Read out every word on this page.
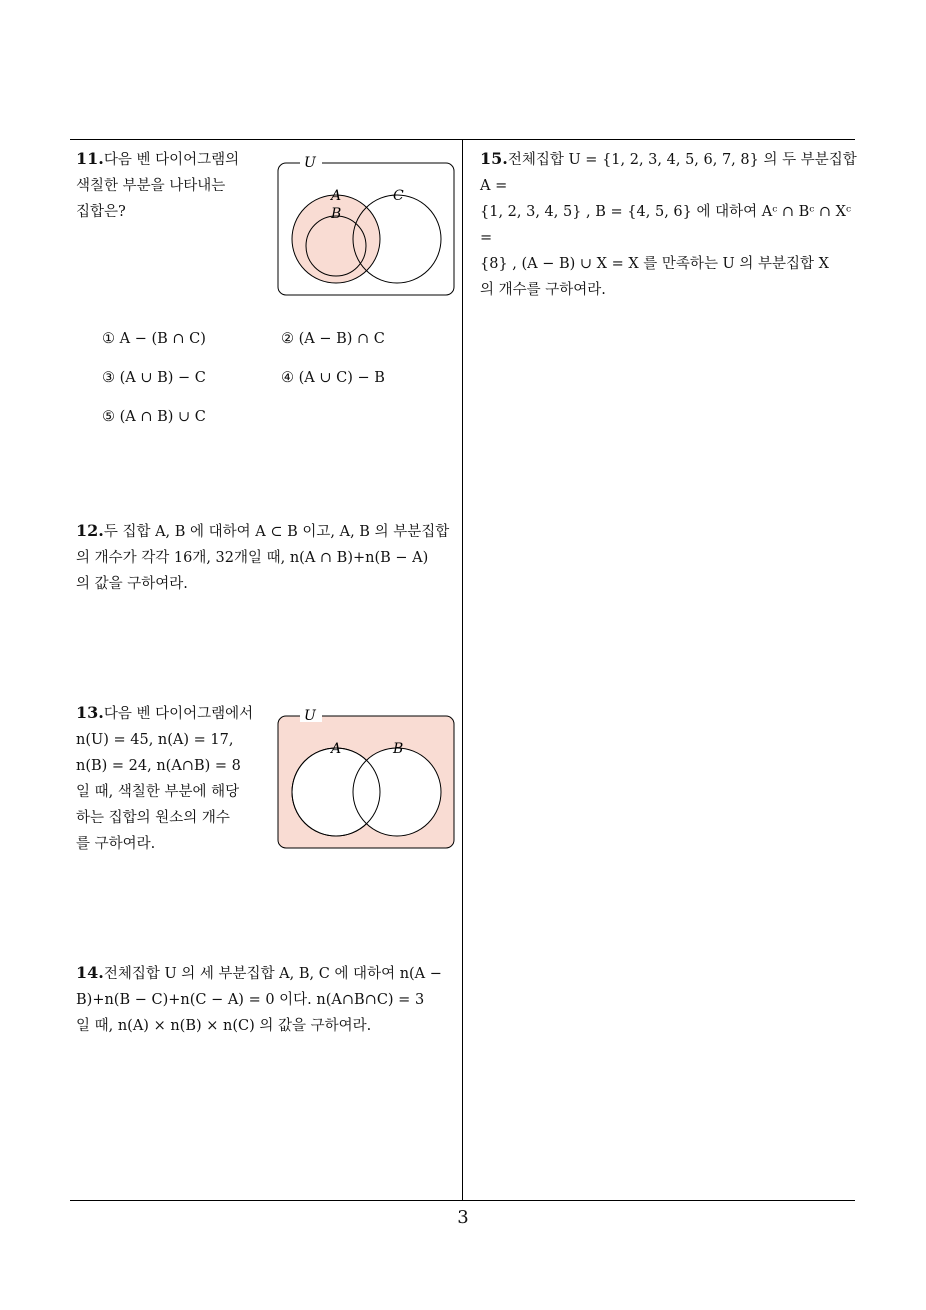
11.다음 벤 다이어그램의
색칠한 부분을 나타내는
집합은?
U
A
B
C
① A − (B ∩ C)	② (A − B) ∩ C
③ (A ∪ B) − C	④ (A ∪ C) − B
⑤ (A ∩ B) ∪ C
12.두 집합 A, B 에 대하여 A ⊂ B 이고, A, B 의 부분집합
의 개수가 각각 16개, 32개일 때, n(A ∩ B)+n(B − A)
의 값을 구하여라.
13.다음 벤 다이어그램에서
n(U) = 45, n(A) = 17,
n(B) = 24, n(A∩B) = 8
일 때, 색칠한 부분에 해당
하는 집합의 원소의 개수
를 구하여라.
U
A	B
14.전체집합 U 의 세 부분집합 A, B, C 에 대하여 n(A −
B)+n(B − C)+n(C − A) = 0 이다. n(A∩B∩C) = 3
일 때, n(A) × n(B) × n(C) 의 값을 구하여라.
15.전체집합 U = {1, 2, 3, 4, 5, 6, 7, 8} 의 두 부분집합 A =
{1, 2, 3, 4, 5} , B = {4, 5, 6} 에 대하여 Aᶜ ∩ Bᶜ ∩ Xᶜ =
{8} , (A − B) ∪ X = X 를 만족하는 U 의 부분집합 X
의 개수를 구하여라.
3
